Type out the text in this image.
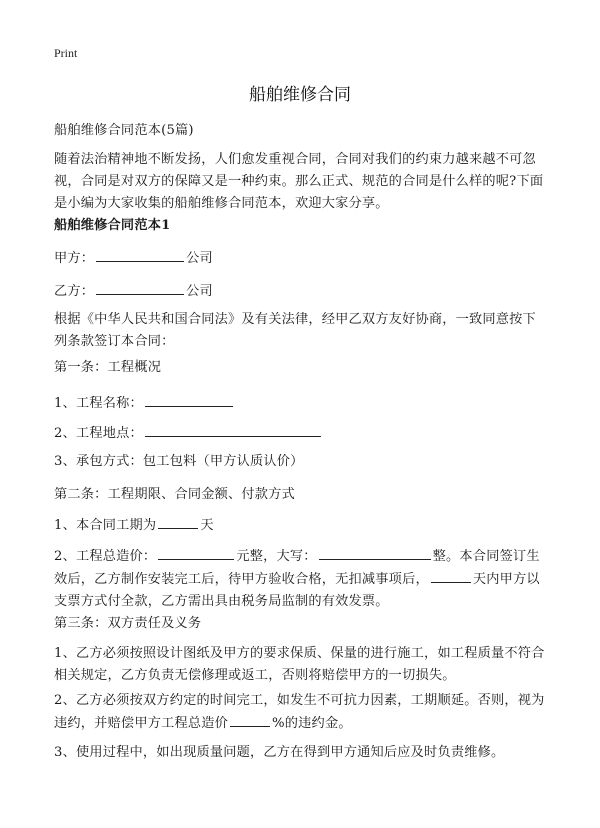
Print
船舶维修合同
船舶维修合同范本(5篇)
随着法治精神地不断发扬，人们愈发重视合同，合同对我们的约束力越来越不可忽视，合同是对双方的保障又是一种约束。那么正式、规范的合同是什么样的呢?下面是小编为大家收集的船舶维修合同范本，欢迎大家分享。
船舶维修合同范本1
甲方：	公司
乙方：	公司
根据《中华人民共和国合同法》及有关法律，经甲乙双方友好协商，一致同意按下列条款签订本合同：
第一条：工程概况
1、工程名称：
2、工程地点：
3、承包方式：包工包料（甲方认质认价）
第二条：工程期限、合同金额、付款方式
1、本合同工期为	天
2、工程总造价：	元整，大写：	整。本合同签订生效后，乙方制作安装完工后，待甲方验收合格，无扣减事项后，	天内甲方以支票方式付全款，乙方需出具由税务局监制的有效发票。
第三条：双方责任及义务
1、乙方必须按照设计图纸及甲方的要求保质、保量的进行施工，如工程质量不符合相关规定，乙方负责无偿修理或返工，否则将赔偿甲方的一切损失。
2、乙方必须按双方约定的时间完工，如发生不可抗力因素，工期顺延。否则，视为违约，并赔偿甲方工程总造价	%的违约金。
3、使用过程中，如出现质量问题，乙方在得到甲方通知后应及时负责维修。
